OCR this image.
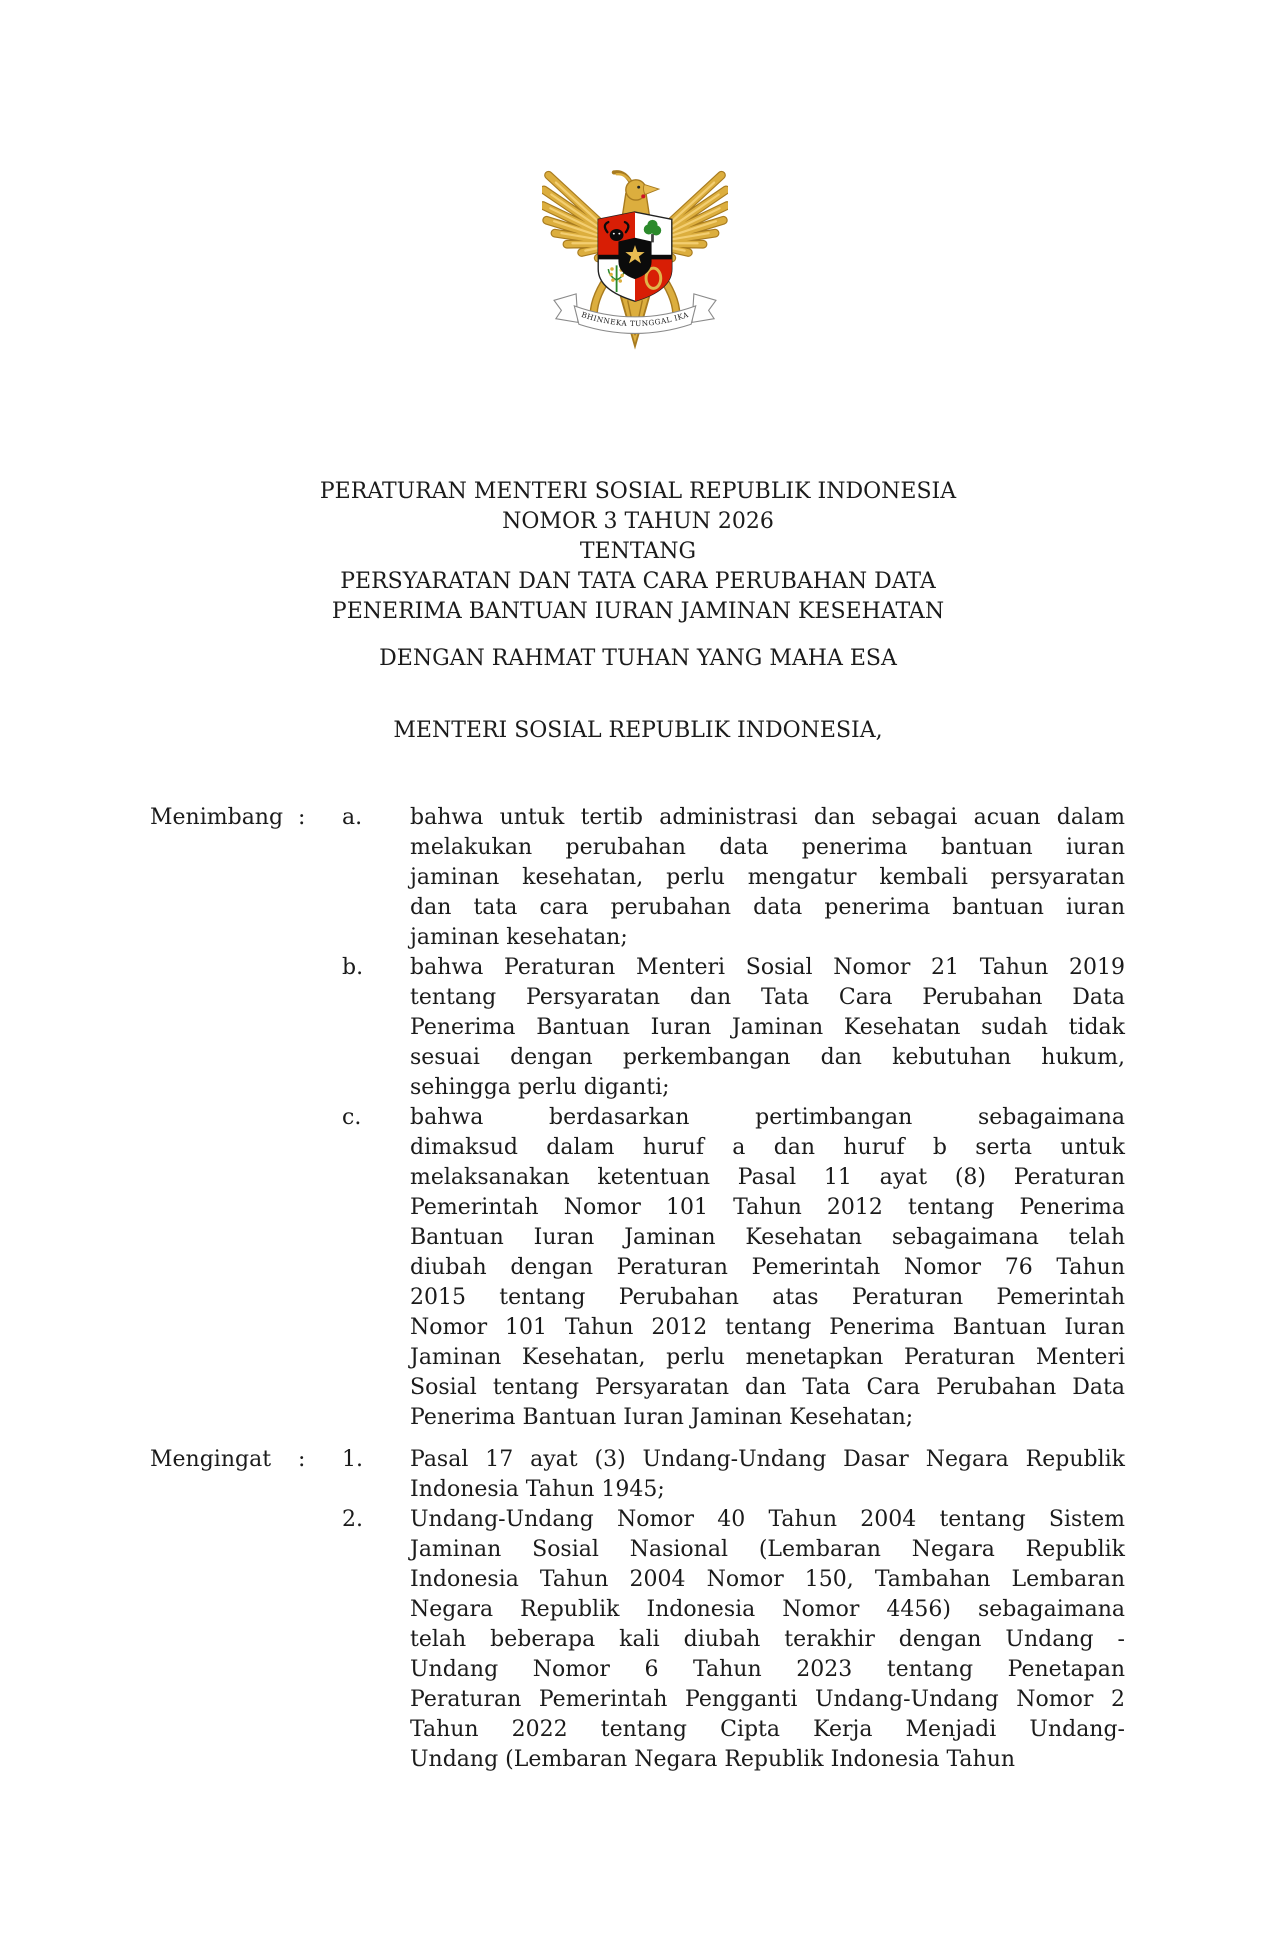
BHINNEKA TUNGGAL IKA
PERATURAN MENTERI SOSIAL REPUBLIK INDONESIA
NOMOR 3 TAHUN 2026
TENTANG
PERSYARATAN DAN TATA CARA PERUBAHAN DATA
PENERIMA BANTUAN IURAN JAMINAN KESEHATAN
DENGAN RAHMAT TUHAN YANG MAHA ESA
MENTERI SOSIAL REPUBLIK INDONESIA,
Menimbang : a.	bahwa untuk tertib administrasi dan sebagai acuan dalam
melakukan perubahan data penerima bantuan iuran
jaminan kesehatan, perlu mengatur kembali persyaratan
dan tata cara perubahan data penerima bantuan iuran
jaminan kesehatan;
b.	bahwa Peraturan Menteri Sosial Nomor 21 Tahun 2019
tentang Persyaratan dan Tata Cara Perubahan Data
Penerima Bantuan Iuran Jaminan Kesehatan sudah tidak
sesuai dengan perkembangan dan kebutuhan hukum,
sehingga perlu diganti;
c.	bahwa berdasarkan pertimbangan sebagaimana
dimaksud dalam huruf a dan huruf b serta untuk
melaksanakan ketentuan Pasal 11 ayat (8) Peraturan
Pemerintah Nomor 101 Tahun 2012 tentang Penerima
Bantuan Iuran Jaminan Kesehatan sebagaimana telah
diubah dengan Peraturan Pemerintah Nomor 76 Tahun
2015 tentang Perubahan atas Peraturan Pemerintah
Nomor 101 Tahun 2012 tentang Penerima Bantuan Iuran
Jaminan Kesehatan, perlu menetapkan Peraturan Menteri
Sosial tentang Persyaratan dan Tata Cara Perubahan Data
Penerima Bantuan Iuran Jaminan Kesehatan;
Mengingat : 1.	Pasal 17 ayat (3) Undang-Undang Dasar Negara Republik
Indonesia Tahun 1945;
2.	Undang-Undang Nomor 40 Tahun 2004 tentang Sistem
Jaminan Sosial Nasional (Lembaran Negara Republik
Indonesia Tahun 2004 Nomor 150, Tambahan Lembaran
Negara Republik Indonesia Nomor 4456) sebagaimana
telah beberapa kali diubah terakhir dengan Undang -
Undang Nomor 6 Tahun 2023 tentang Penetapan
Peraturan Pemerintah Pengganti Undang-Undang Nomor 2
Tahun 2022 tentang Cipta Kerja Menjadi Undang-
Undang (Lembaran Negara Republik Indonesia Tahun
